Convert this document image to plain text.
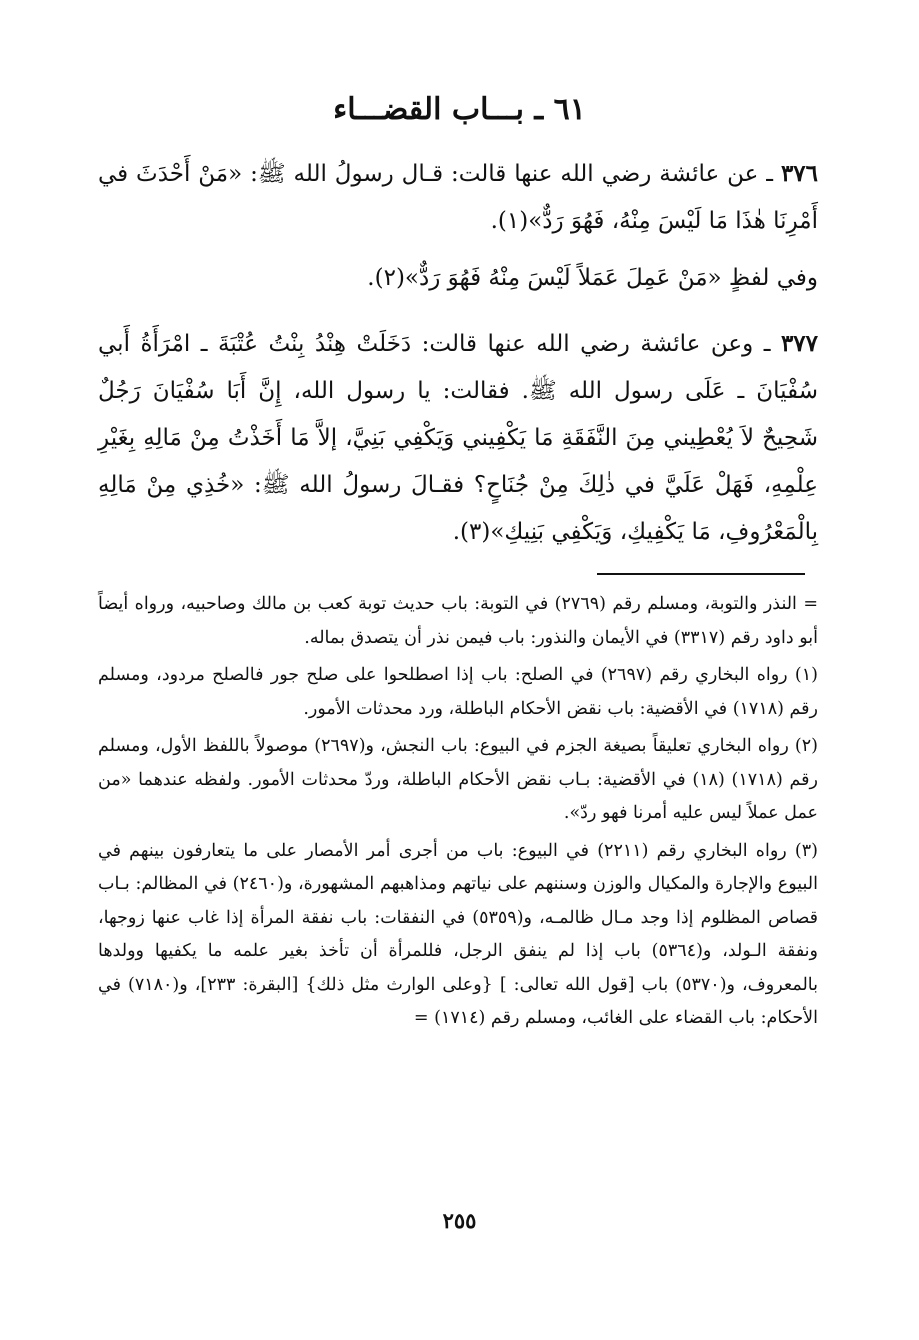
٦١ ـ بـــاب القضـــاء

٣٧٦ ـ عن عائشة رضي الله عنها قالت: قـال رسولُ الله ﷺ: «مَنْ أَحْدَثَ في أَمْرِنَا هٰذَا مَا لَيْسَ مِنْهُ، فَهُوَ رَدٌّ»(١).

وفي لفظٍ «مَنْ عَمِلَ عَمَلاً لَيْسَ مِنْهُ فَهُوَ رَدٌّ»(٢).

٣٧٧ ـ وعن عائشة رضي الله عنها قالت: دَخَلَتْ هِنْدُ بِنْتُ عُتْبَةَ ـ امْرَأَةُ أَبي سُفْيَانَ ـ عَلَى رسول الله ﷺ. فقالت: يا رسول الله، إِنَّ أَبَا سُفْيَانَ رَجُلٌ شَحِيحٌ لاَ يُعْطِيني مِنَ النَّفَقَةِ مَا يَكْفِيني وَيَكْفِي بَنِيَّ، إلاَّ مَا أَخَذْتُ مِنْ مَالِهِ بِغَيْرِ عِلْمِهِ، فَهَلْ عَلَيَّ في ذٰلِكَ مِنْ جُنَاحٍ؟ فقـالَ رسولُ الله ﷺ: «خُذِي مِنْ مَالِهِ بِالْمَعْرُوفِ، مَا يَكْفِيكِ، وَيَكْفِي بَنِيكِ»(٣).

= النذر والتوبة، ومسلم رقم (٢٧٦٩) في التوبة: باب حديث توبة كعب بن مالك وصاحبيه، ورواه أيضاً أبو داود رقم (٣٣١٧) في الأيمان والنذور: باب فيمن نذر أن يتصدق بماله.

(١) رواه البخاري رقم (٢٦٩٧) في الصلح: باب إذا اصطلحوا على صلح جور فالصلح مردود، ومسلم رقم (١٧١٨) في الأقضية: باب نقض الأحكام الباطلة، ورد محدثات الأمور.

(٢) رواه البخاري تعليقاً بصيغة الجزم في البيوع: باب النجش، و(٢٦٩٧) موصولاً باللفظ الأول، ومسلم رقم (١٧١٨) (١٨) في الأقضية: بـاب نقض الأحكام الباطلة، وردّ محدثات الأمور. ولفظه عندهما «من عمل عملاً ليس عليه أمرنا فهو ردّ».

(٣) رواه البخاري رقم (٢٢١١) في البيوع: باب من أجرى أمر الأمصار على ما يتعارفون بينهم في البيوع والإجارة والمكيال والوزن وسننهم على نياتهم ومذاهبهم المشهورة، و(٢٤٦٠) في المظالم: بـاب قصاص المظلوم إذا وجد مـال ظالمـه، و(٥٣٥٩) في النفقات: باب نفقة المرأة إذا غاب عنها زوجها، ونفقة الـولد، و(٥٣٦٤) باب إذا لم ينفق الرجل، فللمرأة أن تأخذ بغير علمه ما يكفيها وولدها بالمعروف، و(٥٣٧٠) باب [قول الله تعالى: ] {وعلى الوارث مثل ذلك} [البقرة: ٢٣٣]، و(٧١٨٠) في الأحكام: باب القضاء على الغائب، ومسلم رقم (١٧١٤) =

٢٥٥
